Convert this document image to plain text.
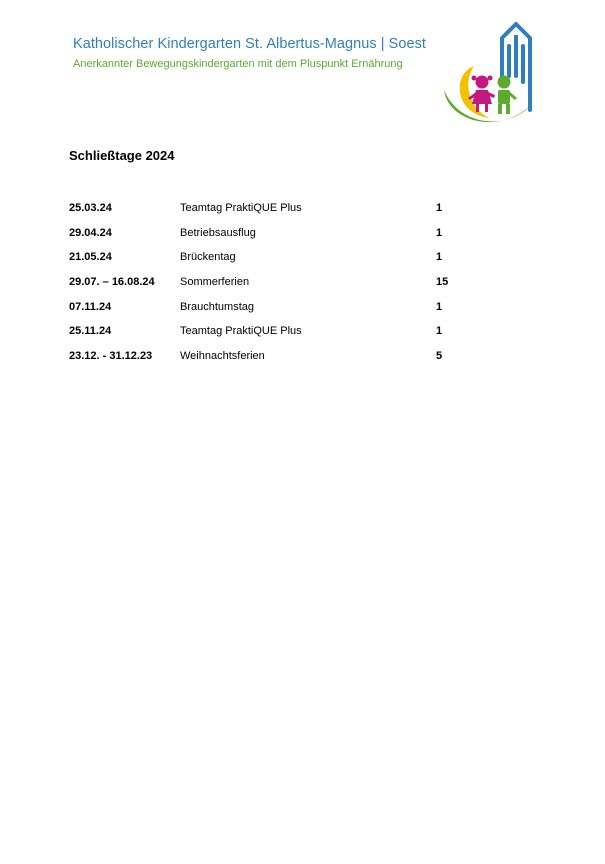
Katholischer Kindergarten St. Albertus-Magnus | Soest
Anerkannter Bewegungskindergarten mit dem Pluspunkt Ernährung
Schließtage 2024
25.03.24	Teamtag PraktiQUE Plus	1
29.04.24	Betriebsausflug	1
21.05.24	Brückentag	1
29.07. – 16.08.24 Sommerferien	15
07.11.24	Brauchtumstag	1
25.11.24	Teamtag PraktiQUE Plus	1
23.12. - 31.12.23	Weihnachtsferien	5
